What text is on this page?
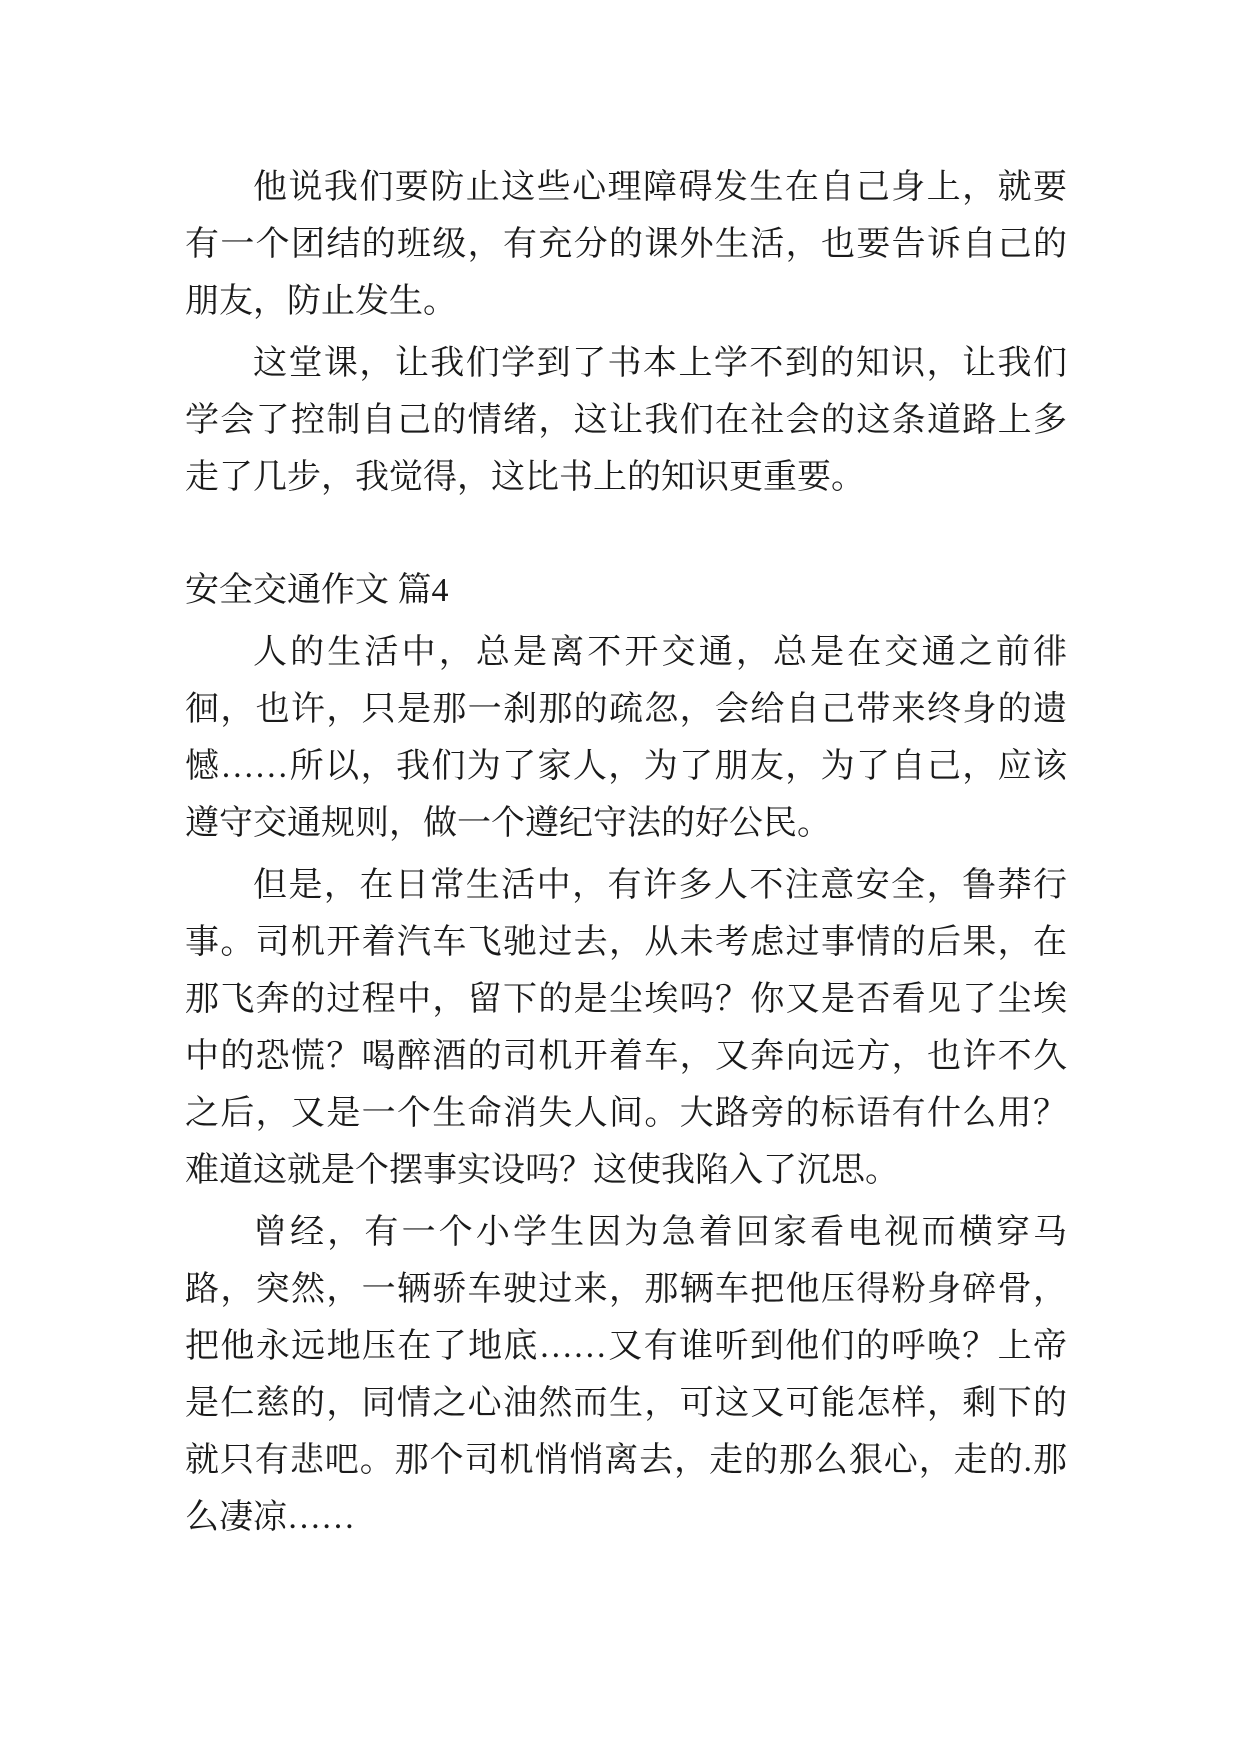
他说我们要防止这些心理障碍发生在自己身上，就要有一个团结的班级，有充分的课外生活，也要告诉自己的朋友，防止发生。

这堂课，让我们学到了书本上学不到的知识，让我们学会了控制自己的情绪，这让我们在社会的这条道路上多走了几步，我觉得，这比书上的知识更重要。

安全交通作文 篇4

人的生活中，总是离不开交通，总是在交通之前徘徊，也许，只是那一刹那的疏忽，会给自己带来终身的遗憾……所以，我们为了家人，为了朋友，为了自己，应该遵守交通规则，做一个遵纪守法的好公民。

但是，在日常生活中，有许多人不注意安全，鲁莽行事。司机开着汽车飞驰过去，从未考虑过事情的后果，在那飞奔的过程中，留下的是尘埃吗？你又是否看见了尘埃中的恐慌？喝醉酒的司机开着车，又奔向远方，也许不久之后，又是一个生命消失人间。大路旁的标语有什么用？难道这就是个摆事实设吗？这使我陷入了沉思。

曾经，有一个小学生因为急着回家看电视而横穿马路，突然，一辆骄车驶过来，那辆车把他压得粉身碎骨，把他永远地压在了地底……又有谁听到他们的呼唤？上帝是仁慈的，同情之心油然而生，可这又可能怎样，剩下的就只有悲吧。那个司机悄悄离去，走的那么狠心，走的.那么凄凉……
